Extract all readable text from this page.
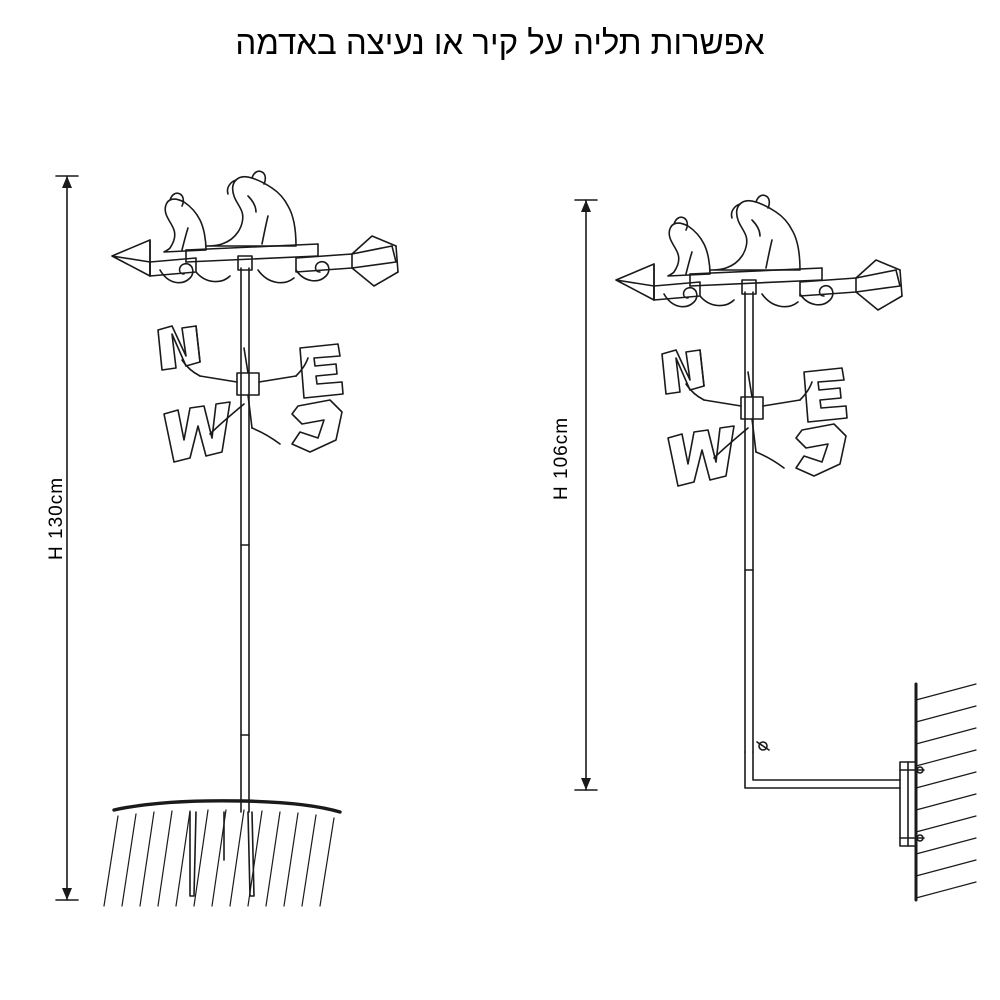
אפשרות תליה על קיר או נעיצה באדמה
H 130cm
H 106cm
